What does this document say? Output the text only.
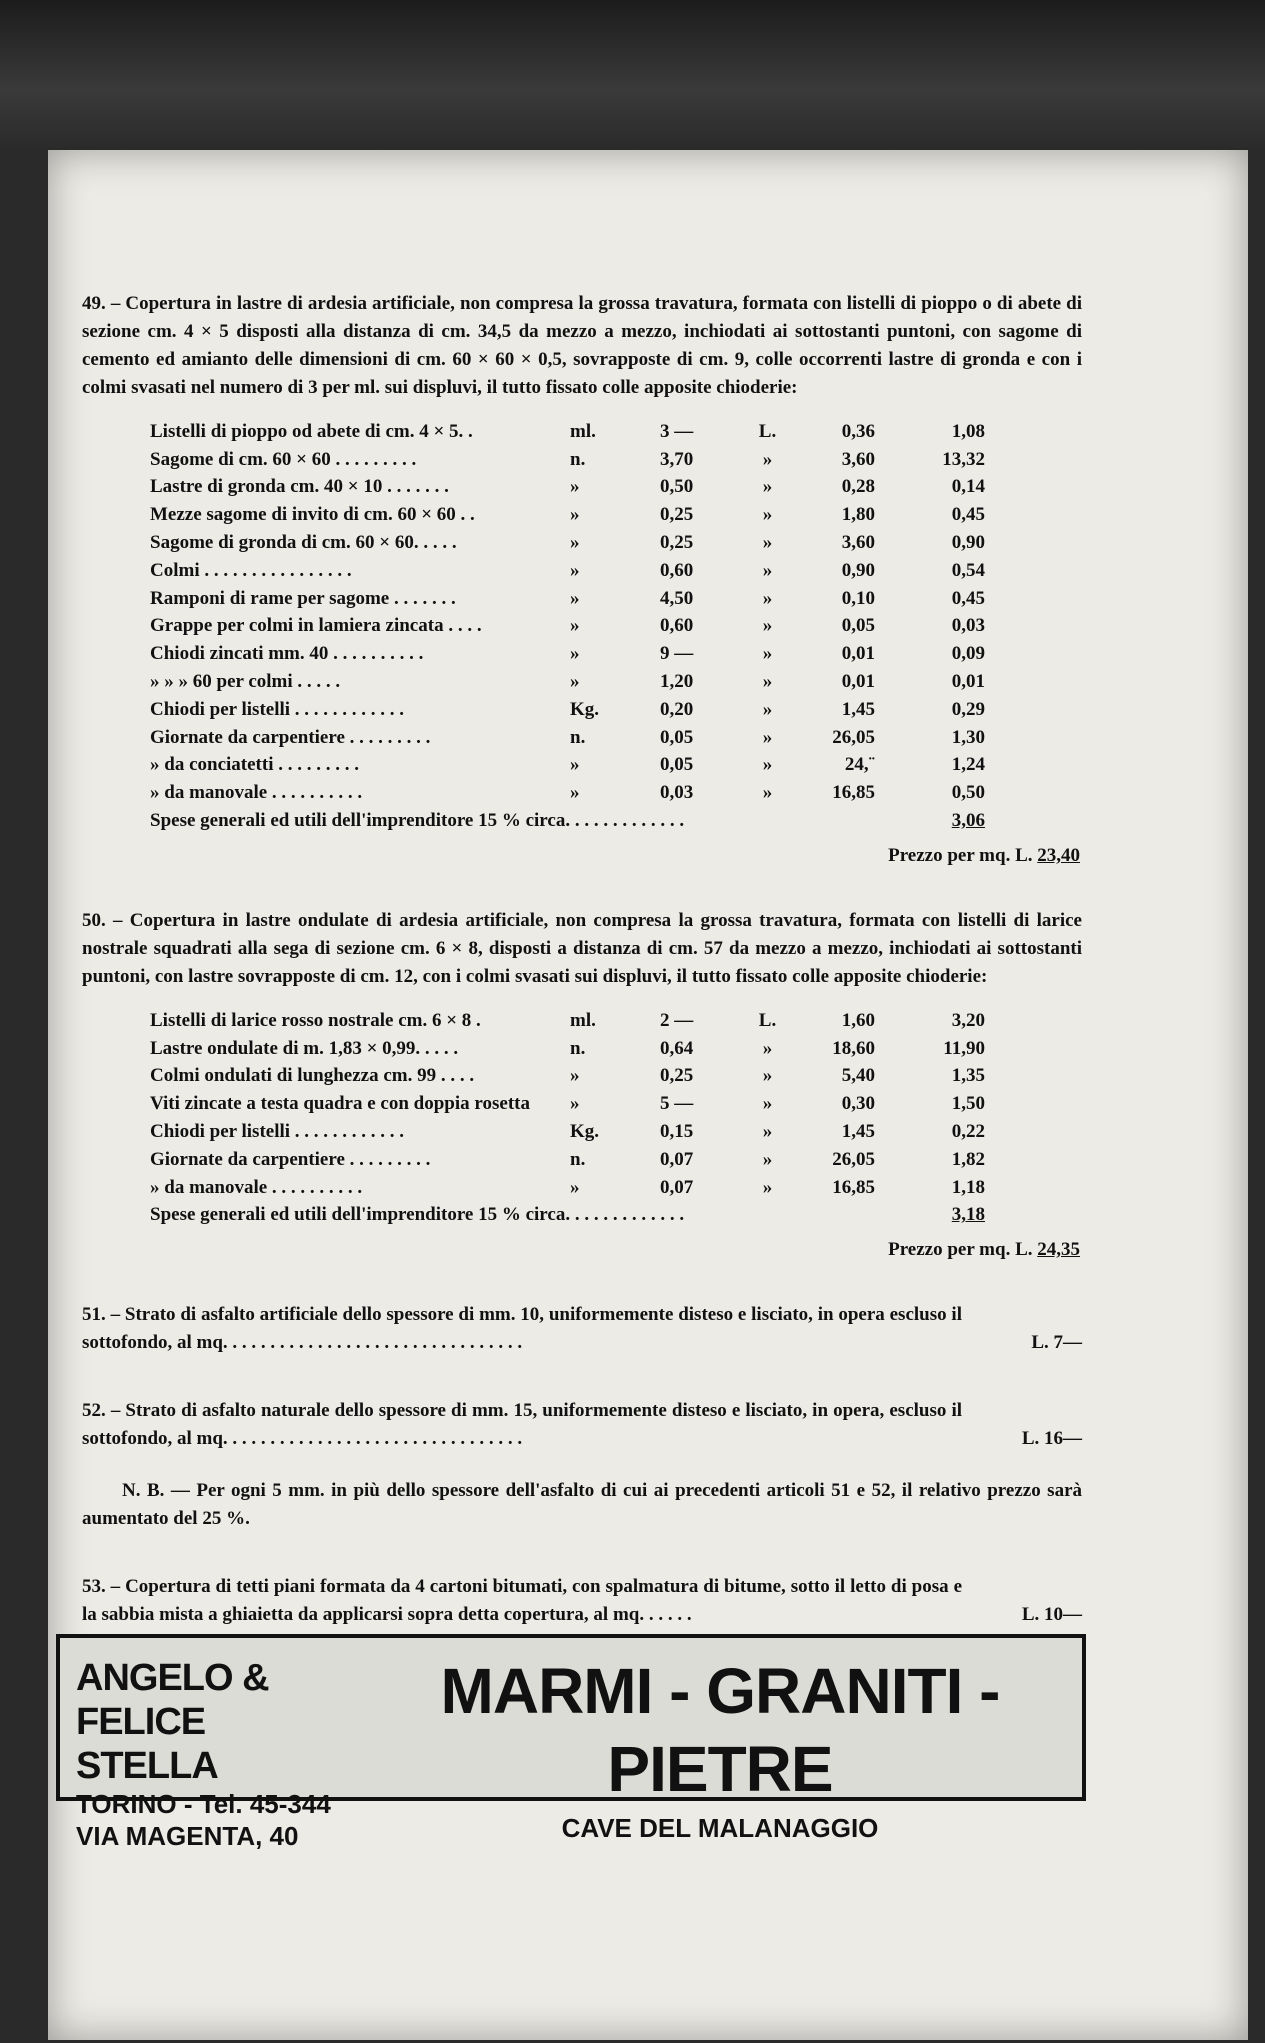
49. – Copertura in lastre di ardesia artificiale, non compresa la grossa travatura, formata con listelli di pioppo o di abete di sezione cm. 4 × 5 disposti alla distanza di cm. 34,5 da mezzo a mezzo, inchiodati ai sottostanti puntoni, con sagome di cemento ed amianto delle dimensioni di cm. 60 × 60 × 0,5, sovrapposte di cm. 9, colle occorrenti lastre di gronda e con i colmi svasati nel numero di 3 per ml. sui displuvi, il tutto fissato colle apposite chioderie:

Listelli di pioppo od abete di cm. 4 × 5. .	ml.	3 —	L.	0,36	1,08
Sagome di cm. 60 × 60 . . . . . . . . .	n.	3,70	»	3,60	13,32
Lastre di gronda cm. 40 × 10 . . . . . . .	»	0,50	»	0,28	0,14
Mezze sagome di invito di cm. 60 × 60 . .	»	0,25	»	1,80	0,45
Sagome di gronda di cm. 60 × 60. . . . .	»	0,25	»	3,60	0,90
Colmi . . . . . . . . . . . . . . . .	»	0,60	»	0,90	0,54
Ramponi di rame per sagome . . . . . . .	»	4,50	»	0,10	0,45
Grappe per colmi in lamiera zincata . . . .	»	0,60	»	0,05	0,03
Chiodi zincati mm. 40 . . . . . . . . . .	»	9 —	»	0,01	0,09
» » » 60 per colmi . . . . .	»	1,20	»	0,01	0,01
Chiodi per listelli . . . . . . . . . . . .	Kg.	0,20	»	1,45	0,29
Giornate da carpentiere . . . . . . . . .	n.	0,05	»	26,05	1,30
» da conciatetti . . . . . . . . .	»	0,05	»	24,¨	1,24
» da manovale . . . . . . . . . .	»	0,03	»	16,85	0,50
Spese generali ed utili dell'imprenditore 15 % circa. . . . . . . . . . . . .					3,06
Prezzo per mq. L. 23,40

50. – Copertura in lastre ondulate di ardesia artificiale, non compresa la grossa travatura, formata con listelli di larice nostrale squadrati alla sega di sezione cm. 6 × 8, disposti a distanza di cm. 57 da mezzo a mezzo, inchiodati ai sottostanti puntoni, con lastre sovrapposte di cm. 12, con i colmi svasati sui displuvi, il tutto fissato colle apposite chioderie:

Listelli di larice rosso nostrale cm. 6 × 8 .	ml.	2 —	L.	1,60	3,20
Lastre ondulate di m. 1,83 × 0,99. . . . .	n.	0,64	»	18,60	11,90
Colmi ondulati di lunghezza cm. 99 . . . .	»	0,25	»	5,40	1,35
Viti zincate a testa quadra e con doppia rosetta	»	5 —	»	0,30	1,50
Chiodi per listelli . . . . . . . . . . . .	Kg.	0,15	»	1,45	0,22
Giornate da carpentiere . . . . . . . . .	n.	0,07	»	26,05	1,82
» da manovale . . . . . . . . . .	»	0,07	»	16,85	1,18
Spese generali ed utili dell'imprenditore 15 % circa. . . . . . . . . . . . .					3,18
Prezzo per mq. L. 24,35
51. – Strato di asfalto artificiale dello spessore di mm. 10, uniformemente disteso e lisciato, in opera escluso il sottofondo, al mq. . . . . . . . . . . . . . . . . . . . . . . . . . . . . . . .	L. 7—
52. – Strato di asfalto naturale dello spessore di mm. 15, uniformemente disteso e lisciato, in opera, escluso il sottofondo, al mq. . . . . . . . . . . . . . . . . . . . . . . . . . . . . . . .	L. 16—

N. B. — Per ogni 5 mm. in più dello spessore dell'asfalto di cui ai precedenti articoli 51 e 52, il relativo prezzo sarà aumentato del 25 %.

53. – Copertura di tetti piani formata da 4 cartoni bitumati, con spalmatura di bitume, sotto il letto di posa e la sabbia mista a ghiaietta da applicarsi sopra detta copertura, al mq. . . . . .	L. 10—
ANGELO & FELICE STELLA
TORINO - Tel. 45-344
VIA MAGENTA, 40
MARMI - GRANITI - PIETRE
CAVE DEL MALANAGGIO
